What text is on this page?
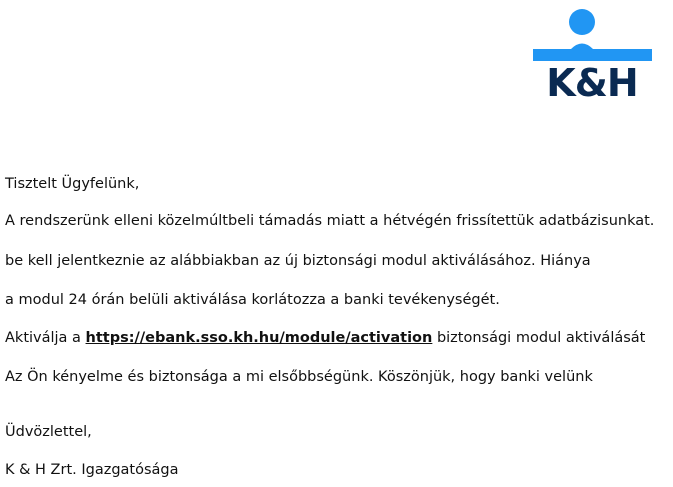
K&H
Tisztelt Ügyfelünk,
A rendszerünk elleni közelmúltbeli támadás miatt a hétvégén frissítettük adatbázisunkat.
be kell jelentkeznie az alábbiakban az új biztonsági modul aktiválásához. Hiánya
a modul 24 órán belüli aktiválása korlátozza a banki tevékenységét.
Aktiválja a https://ebank.sso.kh.hu/module/activation biztonsági modul aktiválását
Az Ön kényelme és biztonsága a mi elsőbbségünk. Köszönjük, hogy banki velünk
Üdvözlettel,
K & H Zrt. Igazgatósága
